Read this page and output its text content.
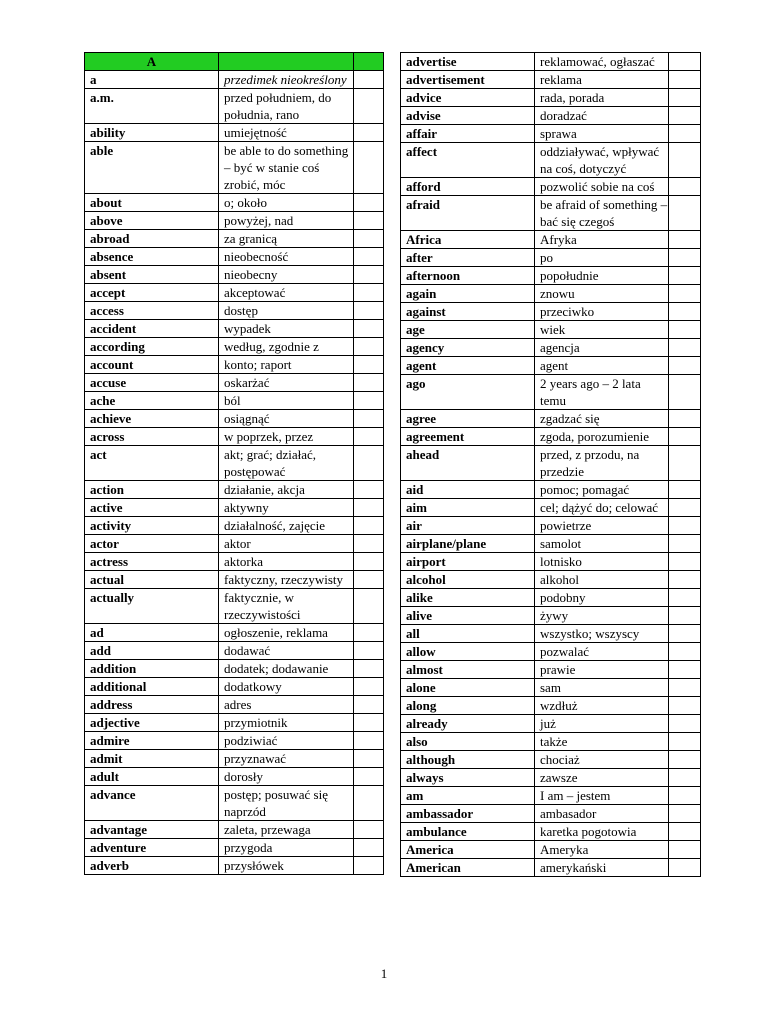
A		
a	przedimek nieokreślony	
a.m.	przed południem, do południa, rano	
ability	umiejętność	
able	be able to do something – być w stanie coś zrobić, móc	
about	o; około	
above	powyżej, nad	
abroad	za granicą	
absence	nieobecność	
absent	nieobecny	
accept	akceptować	
access	dostęp	
accident	wypadek	
according	według, zgodnie z	
account	konto; raport	
accuse	oskarżać	
ache	ból	
achieve	osiągnąć	
across	w poprzek, przez	
act	akt; grać; działać, postępować	
action	działanie, akcja	
active	aktywny	
activity	działalność, zajęcie	
actor	aktor	
actress	aktorka	
actual	faktyczny, rzeczywisty	
actually	faktycznie, w rzeczywistości	
ad	ogłoszenie, reklama	
add	dodawać	
addition	dodatek; dodawanie	
additional	dodatkowy	
address	adres	
adjective	przymiotnik	
admire	podziwiać	
admit	przyznawać	
adult	dorosły	
advance	postęp; posuwać się naprzód	
advantage	zaleta, przewaga	
adventure	przygoda	
adverb	przysłówek	
advertise	reklamować, ogłaszać	
advertisement	reklama	
advice	rada, porada	
advise	doradzać	
affair	sprawa	
affect	oddziaływać, wpływać na coś, dotyczyć	
afford	pozwolić sobie na coś	
afraid	be afraid of something – bać się czegoś	
Africa	Afryka	
after	po	
afternoon	popołudnie	
again	znowu	
against	przeciwko	
age	wiek	
agency	agencja	
agent	agent	
ago	2 years ago – 2 lata temu	
agree	zgadzać się	
agreement	zgoda, porozumienie	
ahead	przed, z przodu, na przedzie	
aid	pomoc; pomagać	
aim	cel; dążyć do; celować	
air	powietrze	
airplane/plane	samolot	
airport	lotnisko	
alcohol	alkohol	
alike	podobny	
alive	żywy	
all	wszystko; wszyscy	
allow	pozwalać	
almost	prawie	
alone	sam	
along	wzdłuż	
already	już	
also	także	
although	chociaż	
always	zawsze	
am	I am – jestem	
ambassador	ambasador	
ambulance	karetka pogotowia	
America	Ameryka	
American	amerykański	
1
